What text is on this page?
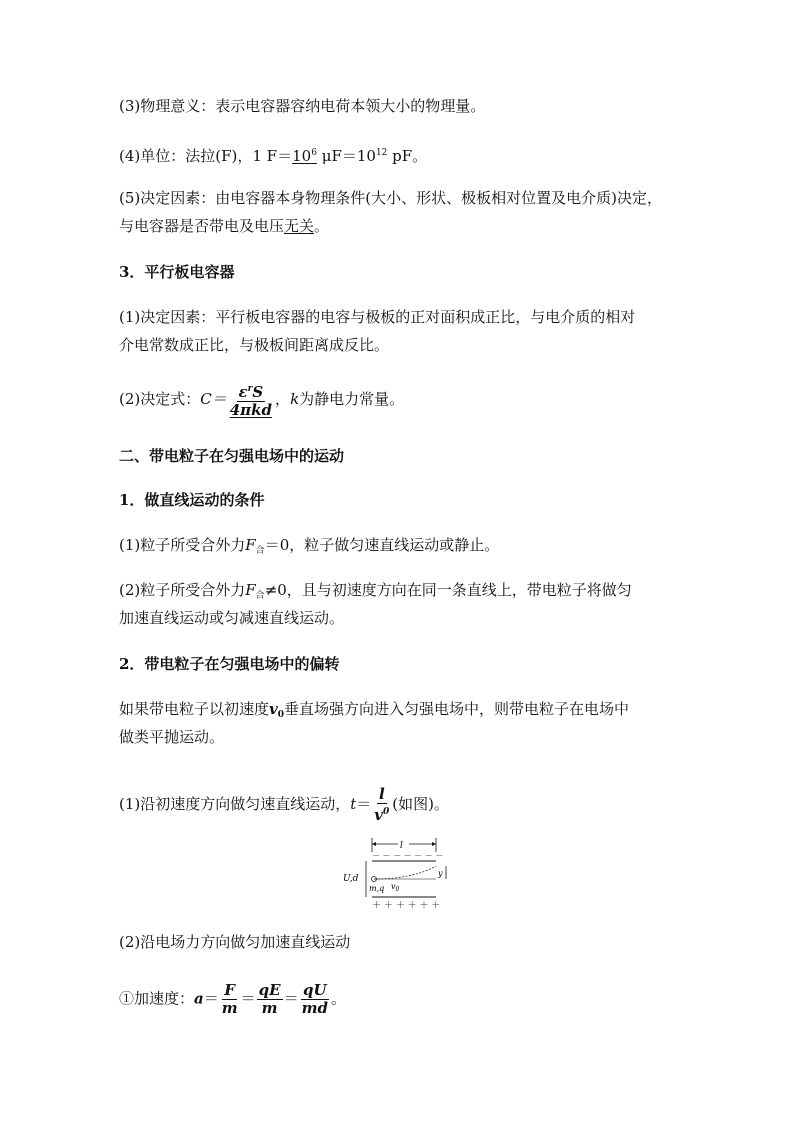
(3)物理意义：表示电容器容纳电荷本领大小的物理量。
(4)单位：法拉(F)，1 $F=10^6$ $\mu F=10^{12}$ pF。
(5)决定因素：由电容器本身物理条件(大小、形状、极板相对位置及电介质)决定，
与电容器是否带电及电压无关。
3．平行板电容器
(1)决定因素：平行板电容器的电容与极板的正对面积成正比，与电介质的相对
介电常数成正比，与极板间距离成反比。
(2)决定式：$C= \frac{\varepsilon^rS}{\text{4πkd}}$ ，k为静电力常量。
二、带电粒子在匀强电场中的运动
1．做直线运动的条件
(1)粒子所受合外力$F_合=0$，粒子做匀速直线运动或静止。
(2)粒子所受合外力$F_合\ne 0$，且与初速度方向在同一条直线上，带电粒子将做匀
加速直线运动或匀减速直线运动。
2．带电粒子在匀强电场中的偏转
如果带电粒子以初速度$v_0$垂直场强方向进入匀强电场中，则带电粒子在电场中
做类平抛运动。
(1)沿初速度方向做匀速直线运动，$t= \frac{l}{v^0}$ (如图)。
l
－ － － － － － －
U,d
y
m,q $v_0$
＋ ＋ ＋ ＋ ＋ ＋
(2)沿电场力方向做匀加速直线运动
①加速度：$a= \frac{F}{m} = \frac{qE}{m} = \frac{qU}{md}$ 。
